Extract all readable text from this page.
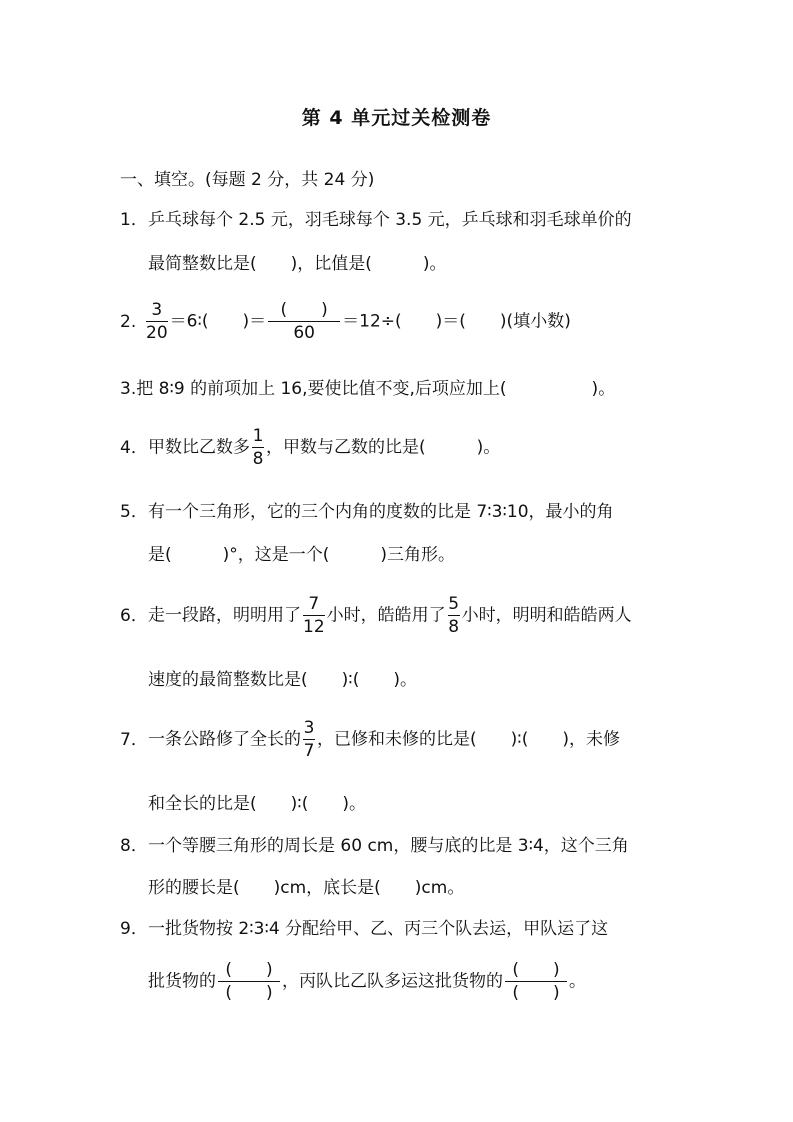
第 4 单元过关检测卷
一、填空。(每题 2 分，共 24 分)
1．乒乓球每个 2.5 元，羽毛球每个 3.5 元，乒乓球和羽毛球单价的
最简整数比是(　　)，比值是(　　　)。
2. $\frac{3}{20}$ ＝6∶(　　)＝ $\frac{( )}{60} =12\div$(　　)＝(　　)(填小数)
3.把 8∶9 的前项加上 16,要使比值不变,后项应加上(　　　　　)。
4．甲数比乙数多 $\frac{1}{8}$ ，甲数与乙数的比是(　　　)。
5．有一个三角形，它的三个内角的度数的比是 7∶3∶10，最小的角
是(　　　)°，这是一个(　　　)三角形。
6．走一段路，明明用了 $\frac{7}{12}$ 小时，皓皓用了 $\frac{5}{8}$ 小时，明明和皓皓两人
速度的最简整数比是(　　)∶(　　)。
7．一条公路修了全长的 $\frac{3}{7}$ ，已修和未修的比是(　　)∶(　　)，未修
和全长的比是(　　)∶(　　)。
8．一个等腰三角形的周长是 60 cm，腰与底的比是 3∶4，这个三角
形的腰长是(　　)cm，底长是(　　)cm。
9．一批货物按 2∶3∶4 分配给甲、乙、丙三个队去运，甲队运了这
批货物的 $\frac{( )}{( )}$ ，丙队比乙队多运这批货物的 $\frac{( )}{( )}$ 。
